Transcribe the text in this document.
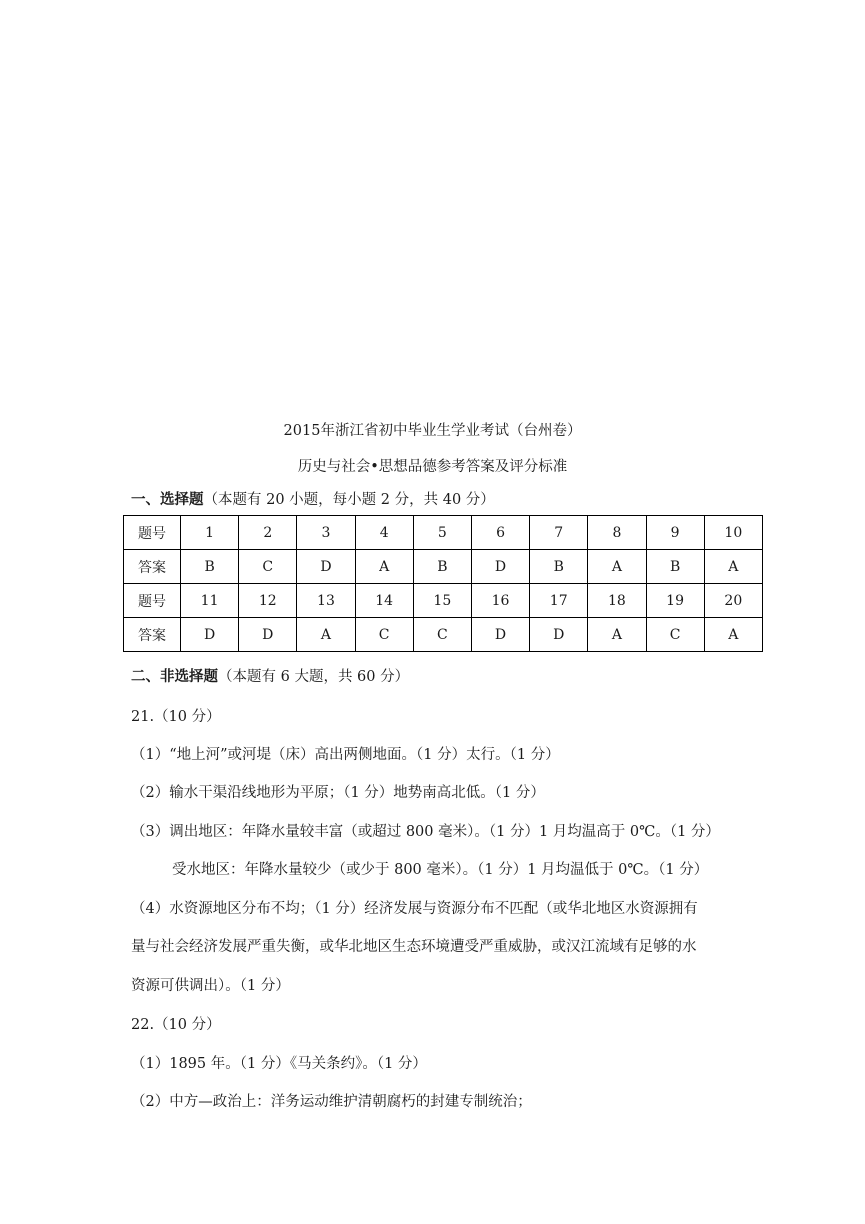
2015年浙江省初中毕业生学业考试（台州卷）
历史与社会•思想品德参考答案及评分标准
一、选择题（本题有 20 小题，每小题 2 分，共 40 分）
题号	1	2	3	4	5	6	7	8	9	10
答案	B	C	D	A	B	D	B	A	B	A
题号	11	12	13	14	15	16	17	18	19	20
答案	D	D	A	C	C	D	D	A	C	A
二、非选择题（本题有 6 大题，共 60 分）
21.（10 分）
（1）“地上河”或河堤（床）高出两侧地面。（1 分）太行。（1 分）
（2）输水干渠沿线地形为平原；（1 分）地势南高北低。（1 分）
（3）调出地区：年降水量较丰富（或超过 800 毫米）。（1 分）1 月均温高于 0℃。（1 分）
受水地区：年降水量较少（或少于 800 毫米）。（1 分）1 月均温低于 0℃。（1 分）
（4）水资源地区分布不均；（1 分）经济发展与资源分布不匹配（或华北地区水资源拥有
量与社会经济发展严重失衡，或华北地区生态环境遭受严重威胁，或汉江流域有足够的水
资源可供调出）。（1 分）
22.（10 分）
（1）1895 年。（1 分）《马关条约》。（1 分）
（2）中方—政治上：洋务运动维护清朝腐朽的封建专制统治；
